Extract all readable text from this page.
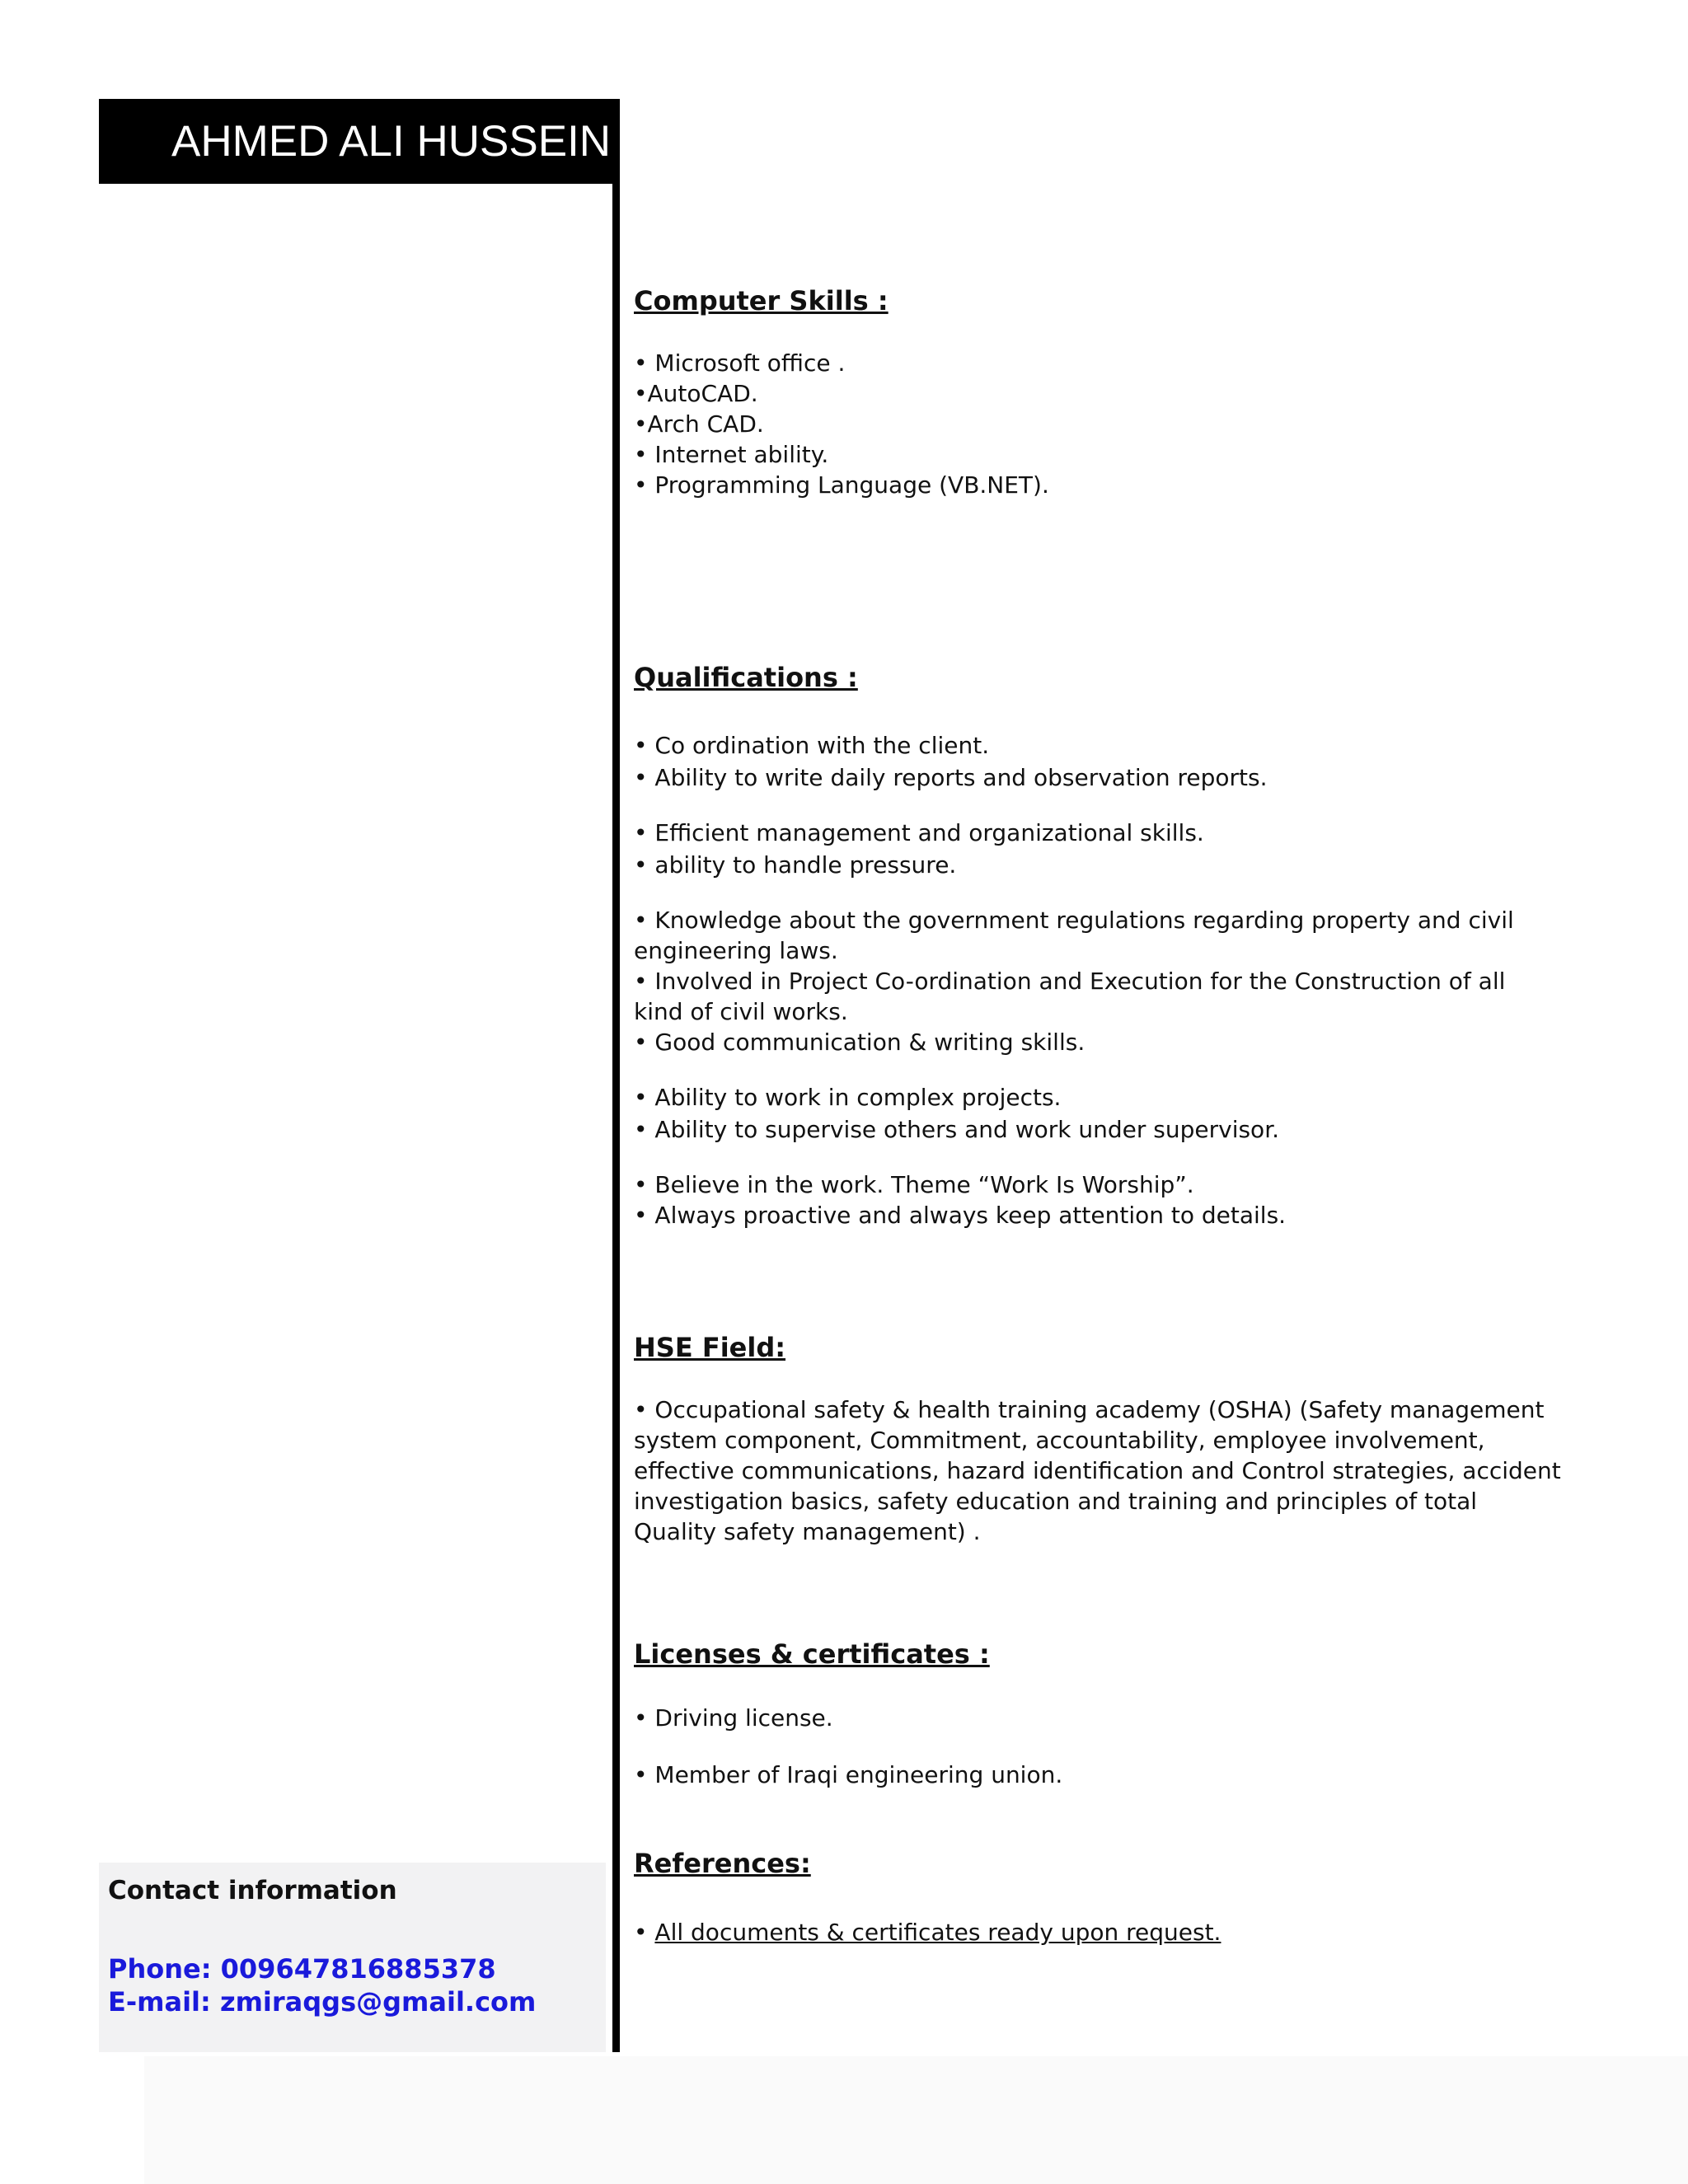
AHMED ALI HUSSEIN
Contact information
Phone: 009647816885378
E-mail: zmiraqgs@gmail.com
Computer Skills :
• Microsoft office .
•AutoCAD.
•Arch CAD.
• Internet ability.
• Programming Language (VB.NET).
Qualifications :
• Co ordination with the client.
• Ability to write daily reports and observation reports.
• Efficient management and organizational skills.
• ability to handle pressure.
• Knowledge about the government regulations regarding property and civil engineering laws.
• Involved in Project Co-ordination and Execution for the Construction of all kind of civil works.
• Good communication & writing skills.
• Ability to work in complex projects.
• Ability to supervise others and work under supervisor.
• Believe in the work. Theme “Work Is Worship”.
• Always proactive and always keep attention to details.
HSE Field:
• Occupational safety & health training academy (OSHA) (Safety management system component, Commitment, accountability, employee involvement, effective communications, hazard identification and Control strategies, accident investigation basics, safety education and training and principles of total Quality safety management) .
Licenses & certificates :
• Driving license.
• Member of Iraqi engineering union.
References:
• All documents & certificates ready upon request.
